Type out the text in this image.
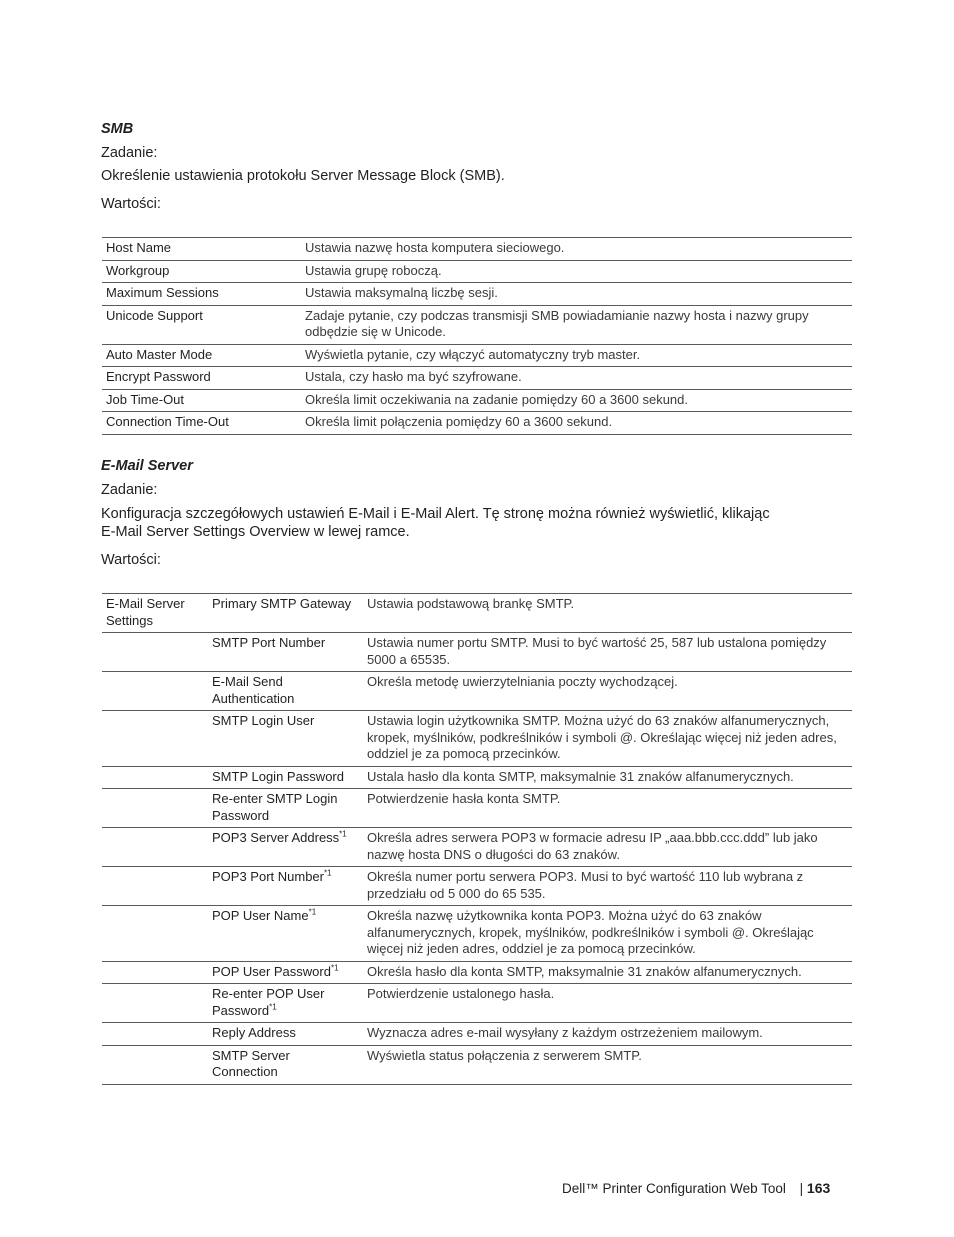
SMB
Zadanie:
Określenie ustawienia protokołu Server Message Block (SMB).
Wartości:
Host Name	Ustawia nazwę hosta komputera sieciowego.
Workgroup	Ustawia grupę roboczą.
Maximum Sessions	Ustawia maksymalną liczbę sesji.
Unicode Support	Zadaje pytanie, czy podczas transmisji SMB powiadamianie nazwy hosta i nazwy grupy odbędzie się w Unicode.
Auto Master Mode	Wyświetla pytanie, czy włączyć automatyczny tryb master.
Encrypt Password	Ustala, czy hasło ma być szyfrowane.
Job Time-Out	Określa limit oczekiwania na zadanie pomiędzy 60 a 3600 sekund.
Connection Time-Out	Określa limit połączenia pomiędzy 60 a 3600 sekund.
E-Mail Server
Zadanie:
Konfiguracja szczegółowych ustawień E-Mail i E-Mail Alert. Tę stronę można również wyświetlić, klikając
E-Mail Server Settings Overview w lewej ramce.
Wartości:
E-Mail Server Settings	Primary SMTP Gateway	Ustawia podstawową brankę SMTP.
	SMTP Port Number	Ustawia numer portu SMTP. Musi to być wartość 25, 587 lub ustalona pomiędzy 5000 a 65535.
	E-Mail Send Authentication	Określa metodę uwierzytelniania poczty wychodzącej.
	SMTP Login User	Ustawia login użytkownika SMTP. Można użyć do 63 znaków alfanumerycznych, kropek, myślników, podkreślników i symboli @. Określając więcej niż jeden adres, oddziel je za pomocą przecinków.
	SMTP Login Password	Ustala hasło dla konta SMTP, maksymalnie 31 znaków alfanumerycznych.
	Re-enter SMTP Login Password	Potwierdzenie hasła konta SMTP.
	POP3 Server Address$^{*1}$	Określa adres serwera POP3 w formacie adresu IP „aaa.bbb.ccc.ddd” lub jako nazwę hosta DNS o długości do 63 znaków.
	POP3 Port Number$^{*1}$	Określa numer portu serwera POP3. Musi to być wartość 110 lub wybrana z przedziału od 5 000 do 65 535.
	POP User Name$^{*1}$	Określa nazwę użytkownika konta POP3. Można użyć do 63 znaków alfanumerycznych, kropek, myślników, podkreślników i symboli @. Określając więcej niż jeden adres, oddziel je za pomocą przecinków.
	POP User Password$^{*1}$	Określa hasło dla konta SMTP, maksymalnie 31 znaków alfanumerycznych.
	Re-enter POP User Password$^{*1}$	Potwierdzenie ustalonego hasła.
	Reply Address	Wyznacza adres e-mail wysyłany z każdym ostrzeżeniem mailowym.
	SMTP Server Connection	Wyświetla status połączenia z serwerem SMTP.
Dell™ Printer Configuration Web Tool | 163
